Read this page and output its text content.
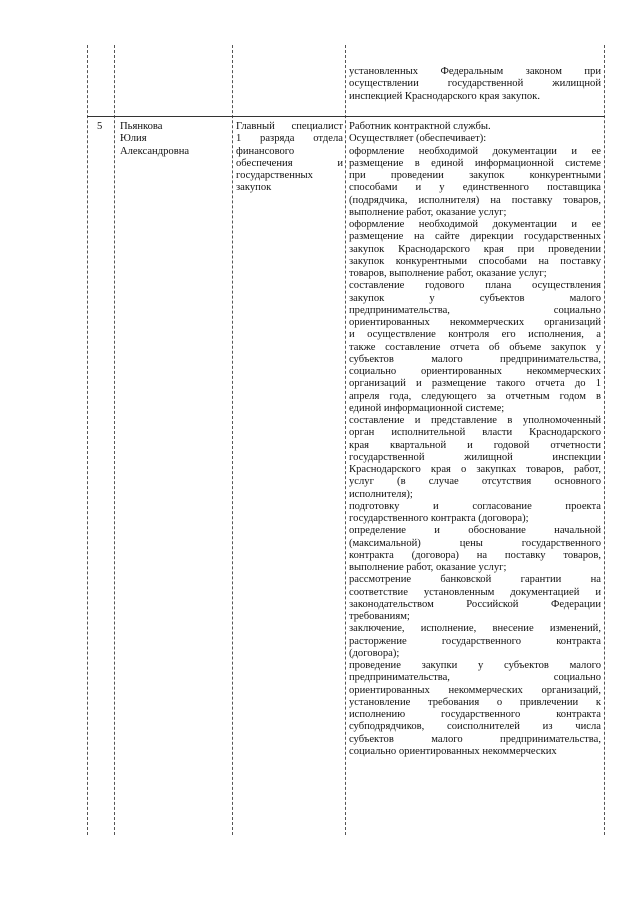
установленных Федеральным законом при
осуществлении государственной жилищной
инспекцией Краснодарского края закупок.
5 Пьянкова
Юлия
Александровна
Главный специалист
1 разряда отдела
финансового
обеспечения и
государственных
закупок
Работник контрактной службы.
Осуществляет (обеспечивает):
оформление необходимой документации и ее
размещение в единой информационной системе
при проведении закупок конкурентными
способами и у единственного поставщика
(подрядчика, исполнителя) на поставку товаров,
выполнение работ, оказание услуг;
оформление необходимой документации и ее
размещение на сайте дирекции государственных
закупок Краснодарского края при проведении
закупок конкурентными способами на поставку
товаров, выполнение работ, оказание услуг;
составление годового плана осуществления
закупок у субъектов малого
предпринимательства, социально
ориентированных некоммерческих организаций
и осуществление контроля его исполнения, а
также составление отчета об объеме закупок у
субъектов малого предпринимательства,
социально ориентированных некоммерческих
организаций и размещение такого отчета до 1
апреля года, следующего за отчетным годом в
единой информационной системе;
составление и представление в уполномоченный
орган исполнительной власти Краснодарского
края квартальной и годовой отчетности
государственной жилищной инспекции
Краснодарского края о закупках товаров, работ,
услуг (в случае отсутствия основного
исполнителя);
подготовку и согласование проекта
государственного контракта (договора);
определение и обоснование начальной
(максимальной) цены государственного
контракта (договора) на поставку товаров,
выполнение работ, оказание услуг;
рассмотрение банковской гарантии на
соответствие установленным документацией и
законодательством Российской Федерации
требованиям;
заключение, исполнение, внесение изменений,
расторжение государственного контракта
(договора);
проведение закупки у субъектов малого
предпринимательства, социально
ориентированных некоммерческих организаций,
установление требования о привлечении к
исполнению государственного контракта
субподрядчиков, соисполнителей из числа
субъектов малого предпринимательства,
социально ориентированных некоммерческих
